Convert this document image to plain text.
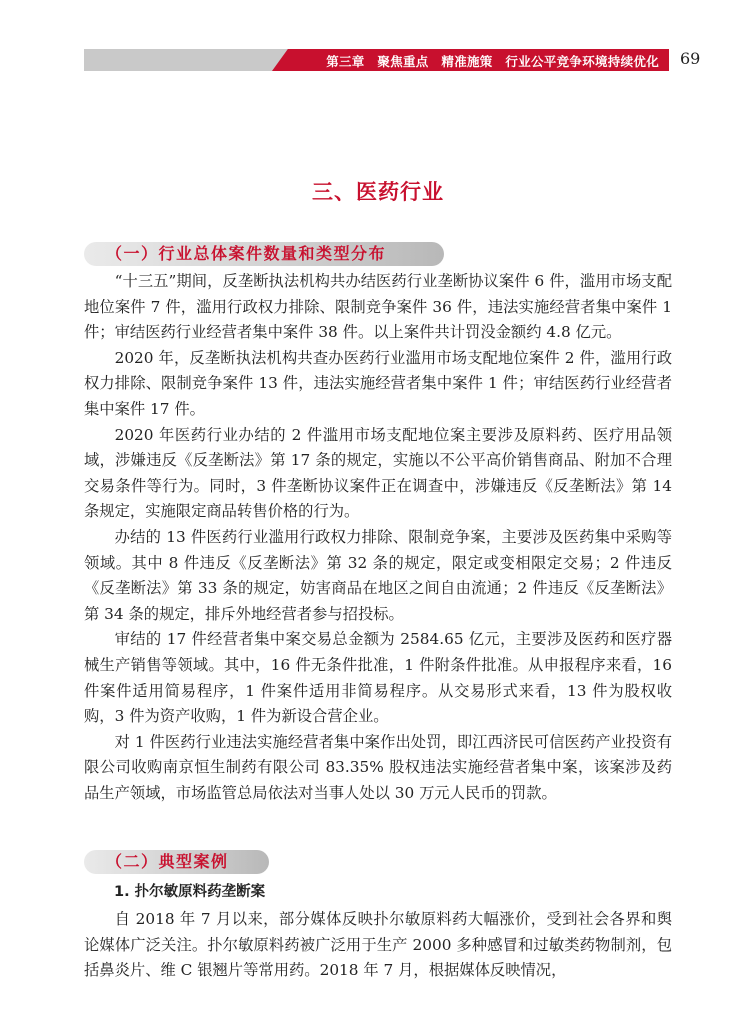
第三章　聚焦重点　精准施策　行业公平竞争环境持续优化 69
三、医药行业
（一）行业总体案件数量和类型分布

“十三五”期间，反垄断执法机构共办结医药行业垄断协议案件 6 件，滥用市场支配地位案件 7 件，滥用行政权力排除、限制竞争案件 36 件，违法实施经营者集中案件 1 件；审结医药行业经营者集中案件 38 件。以上案件共计罚没金额约 4.8 亿元。

2020 年，反垄断执法机构共查办医药行业滥用市场支配地位案件 2 件，滥用行政权力排除、限制竞争案件 13 件，违法实施经营者集中案件 1 件；审结医药行业经营者集中案件 17 件。

2020 年医药行业办结的 2 件滥用市场支配地位案主要涉及原料药、医疗用品领域，涉嫌违反《反垄断法》第 17 条的规定，实施以不公平高价销售商品、附加不合理交易条件等行为。同时，3 件垄断协议案件正在调查中，涉嫌违反《反垄断法》第 14 条规定，实施限定商品转售价格的行为。

办结的 13 件医药行业滥用行政权力排除、限制竞争案，主要涉及医药集中采购等领域。其中 8 件违反《反垄断法》第 32 条的规定，限定或变相限定交易；2 件违反《反垄断法》第 33 条的规定，妨害商品在地区之间自由流通；2 件违反《反垄断法》第 34 条的规定，排斥外地经营者参与招投标。

审结的 17 件经营者集中案交易总金额为 2584.65 亿元，主要涉及医药和医疗器械生产销售等领域。其中，16 件无条件批准，1 件附条件批准。从申报程序来看，16 件案件适用简易程序，1 件案件适用非简易程序。从交易形式来看，13 件为股权收购，3 件为资产收购，1 件为新设合营企业。

对 1 件医药行业违法实施经营者集中案作出处罚，即江西济民可信医药产业投资有限公司收购南京恒生制药有限公司 83.35% 股权违法实施经营者集中案，该案涉及药品生产领域，市场监管总局依法对当事人处以 30 万元人民币的罚款。

（二）典型案例
1. 扑尔敏原料药垄断案

自 2018 年 7 月以来，部分媒体反映扑尔敏原料药大幅涨价，受到社会各界和舆论媒体广泛关注。扑尔敏原料药被广泛用于生产 2000 多种感冒和过敏类药物制剂，包括鼻炎片、维 C 银翘片等常用药。2018 年 7 月，根据媒体反映情况，
